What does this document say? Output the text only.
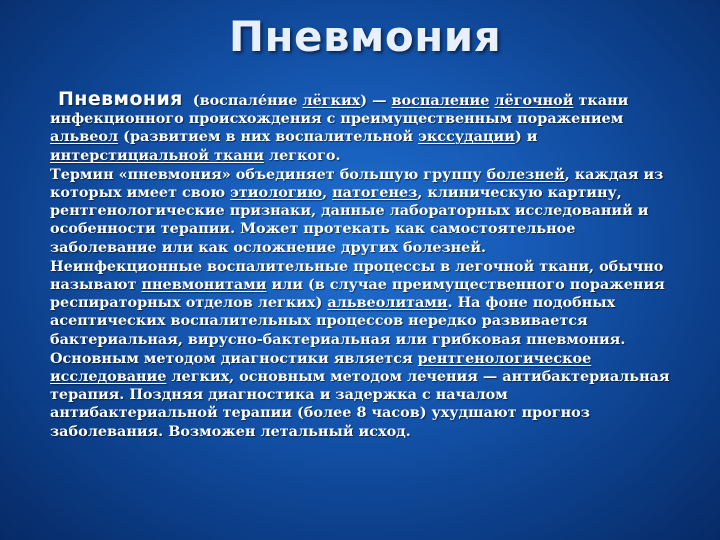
Пневмония

Пневмония (воспале́ние лёгких) — воспаление лёгочной ткани инфекционного происхождения с преимущественным поражением альвеол (развитием в них воспалительной экссудации) и интерстициальной ткани легкого.

Термин «пневмония» объединяет большую группу болезней, каждая из которых имеет свою этиологию, патогенез, клиническую картину, рентгенологические признаки, данные лабораторных исследований и особенности терапии. Может протекать как самостоятельное заболевание или как осложнение других болезней.

Неинфекционные воспалительные процессы в легочной ткани, обычно называют пневмонитами или (в случае преимущественного поражения респираторных отделов легких) альвеолитами. На фоне подобных асептических воспалительных процессов нередко развивается бактериальная, вирусно-бактериальная или грибковая пневмония.

Основным методом диагностики является рентгенологическое исследование легких, основным методом лечения — антибактериальная терапия. Поздняя диагностика и задержка с началом антибактериальной терапии (более 8 часов) ухудшают прогноз заболевания. Возможен летальный исход.
